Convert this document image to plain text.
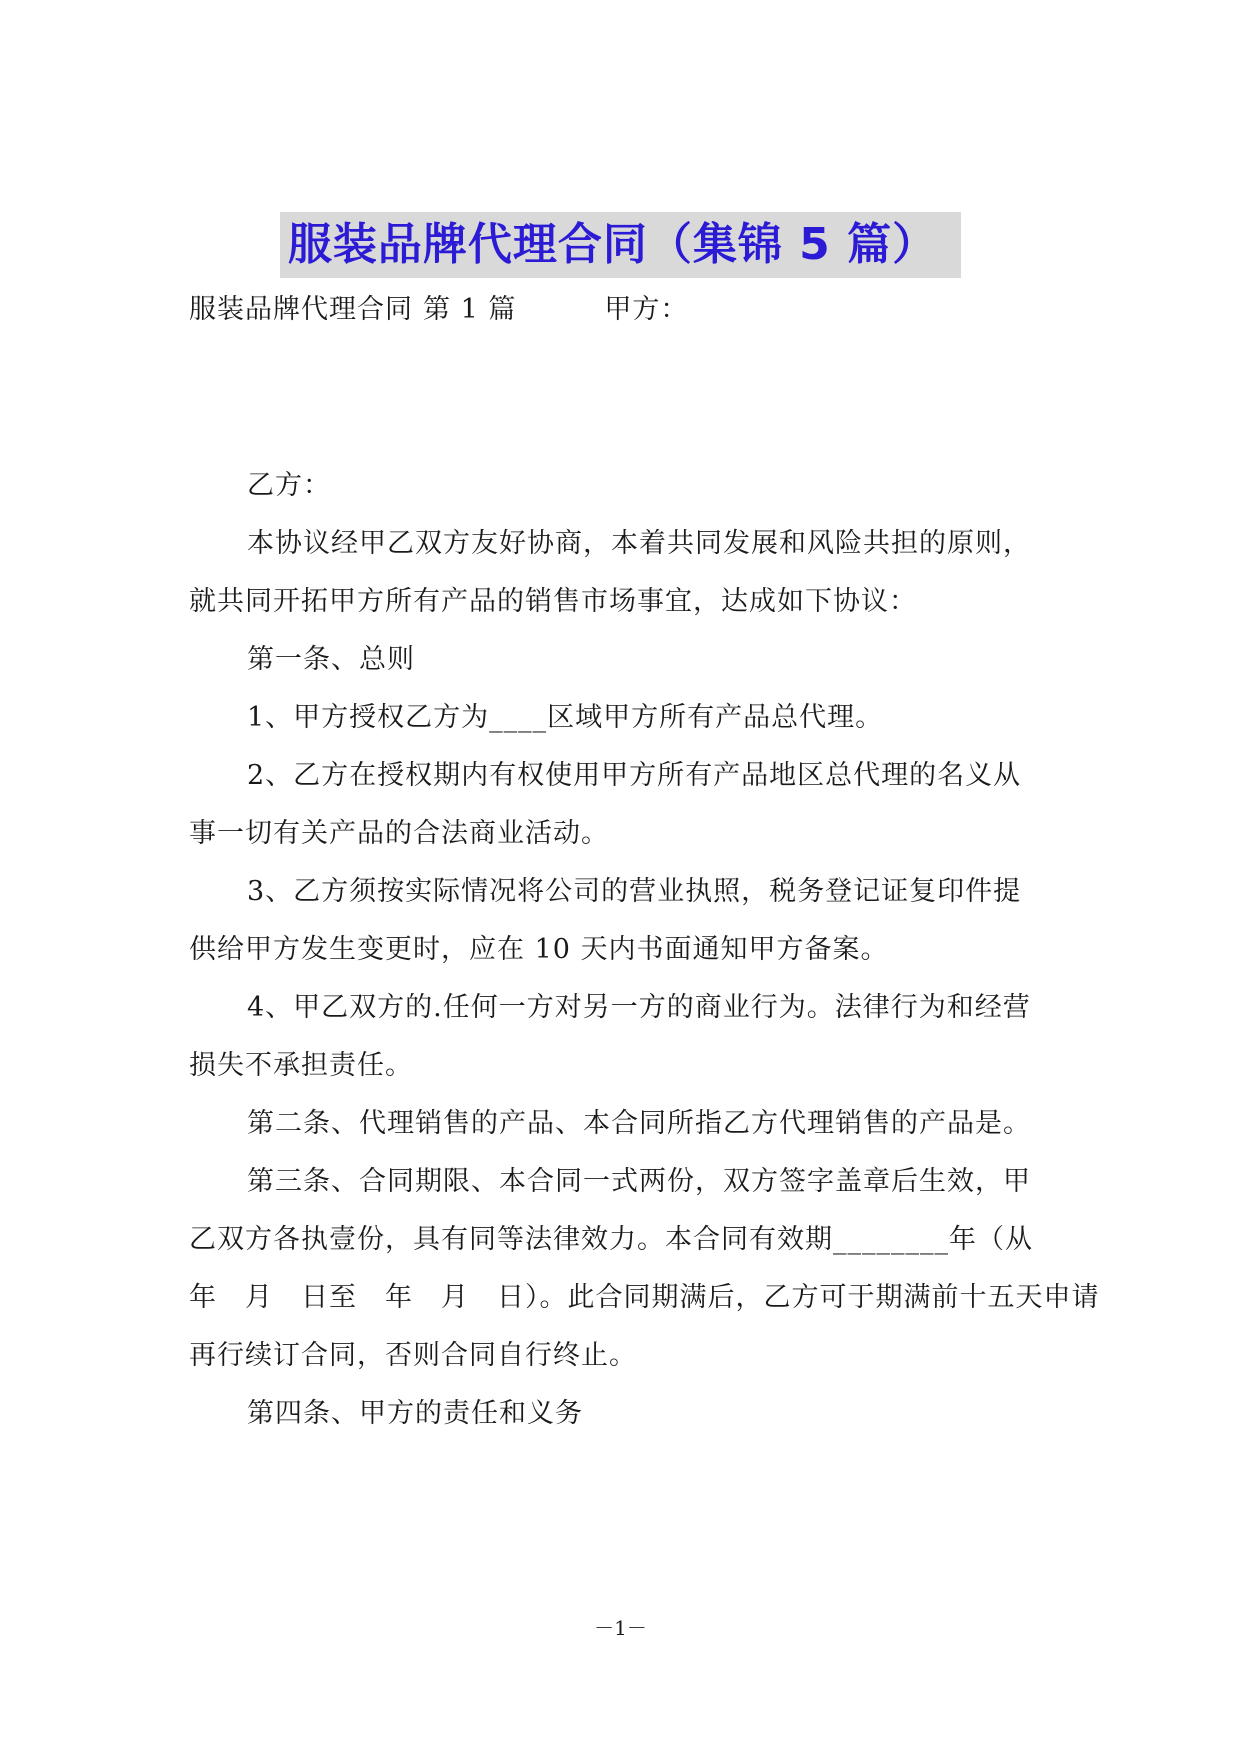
服装品牌代理合同（集锦 5 篇）
服装品牌代理合同 第 1 篇	甲方：
乙方：
本协议经甲乙双方友好协商，本着共同发展和风险共担的原则，
就共同开拓甲方所有产品的销售市场事宜，达成如下协议：
第一条、总则
1、甲方授权乙方为____区域甲方所有产品总代理。
2、乙方在授权期内有权使用甲方所有产品地区总代理的名义从
事一切有关产品的合法商业活动。
3、乙方须按实际情况将公司的营业执照，税务登记证复印件提
供给甲方发生变更时，应在 10 天内书面通知甲方备案。
4、甲乙双方的.任何一方对另一方的商业行为。法律行为和经营
损失不承担责任。
第二条、代理销售的产品、本合同所指乙方代理销售的产品是。
第三条、合同期限、本合同一式两份，双方签字盖章后生效，甲
乙双方各执壹份，具有同等法律效力。本合同有效期________年（从
年　月　日至　年　月　日）。此合同期满后，乙方可于期满前十五天申请
再行续订合同，否则合同自行终止。
第四条、甲方的责任和义务
－1－
